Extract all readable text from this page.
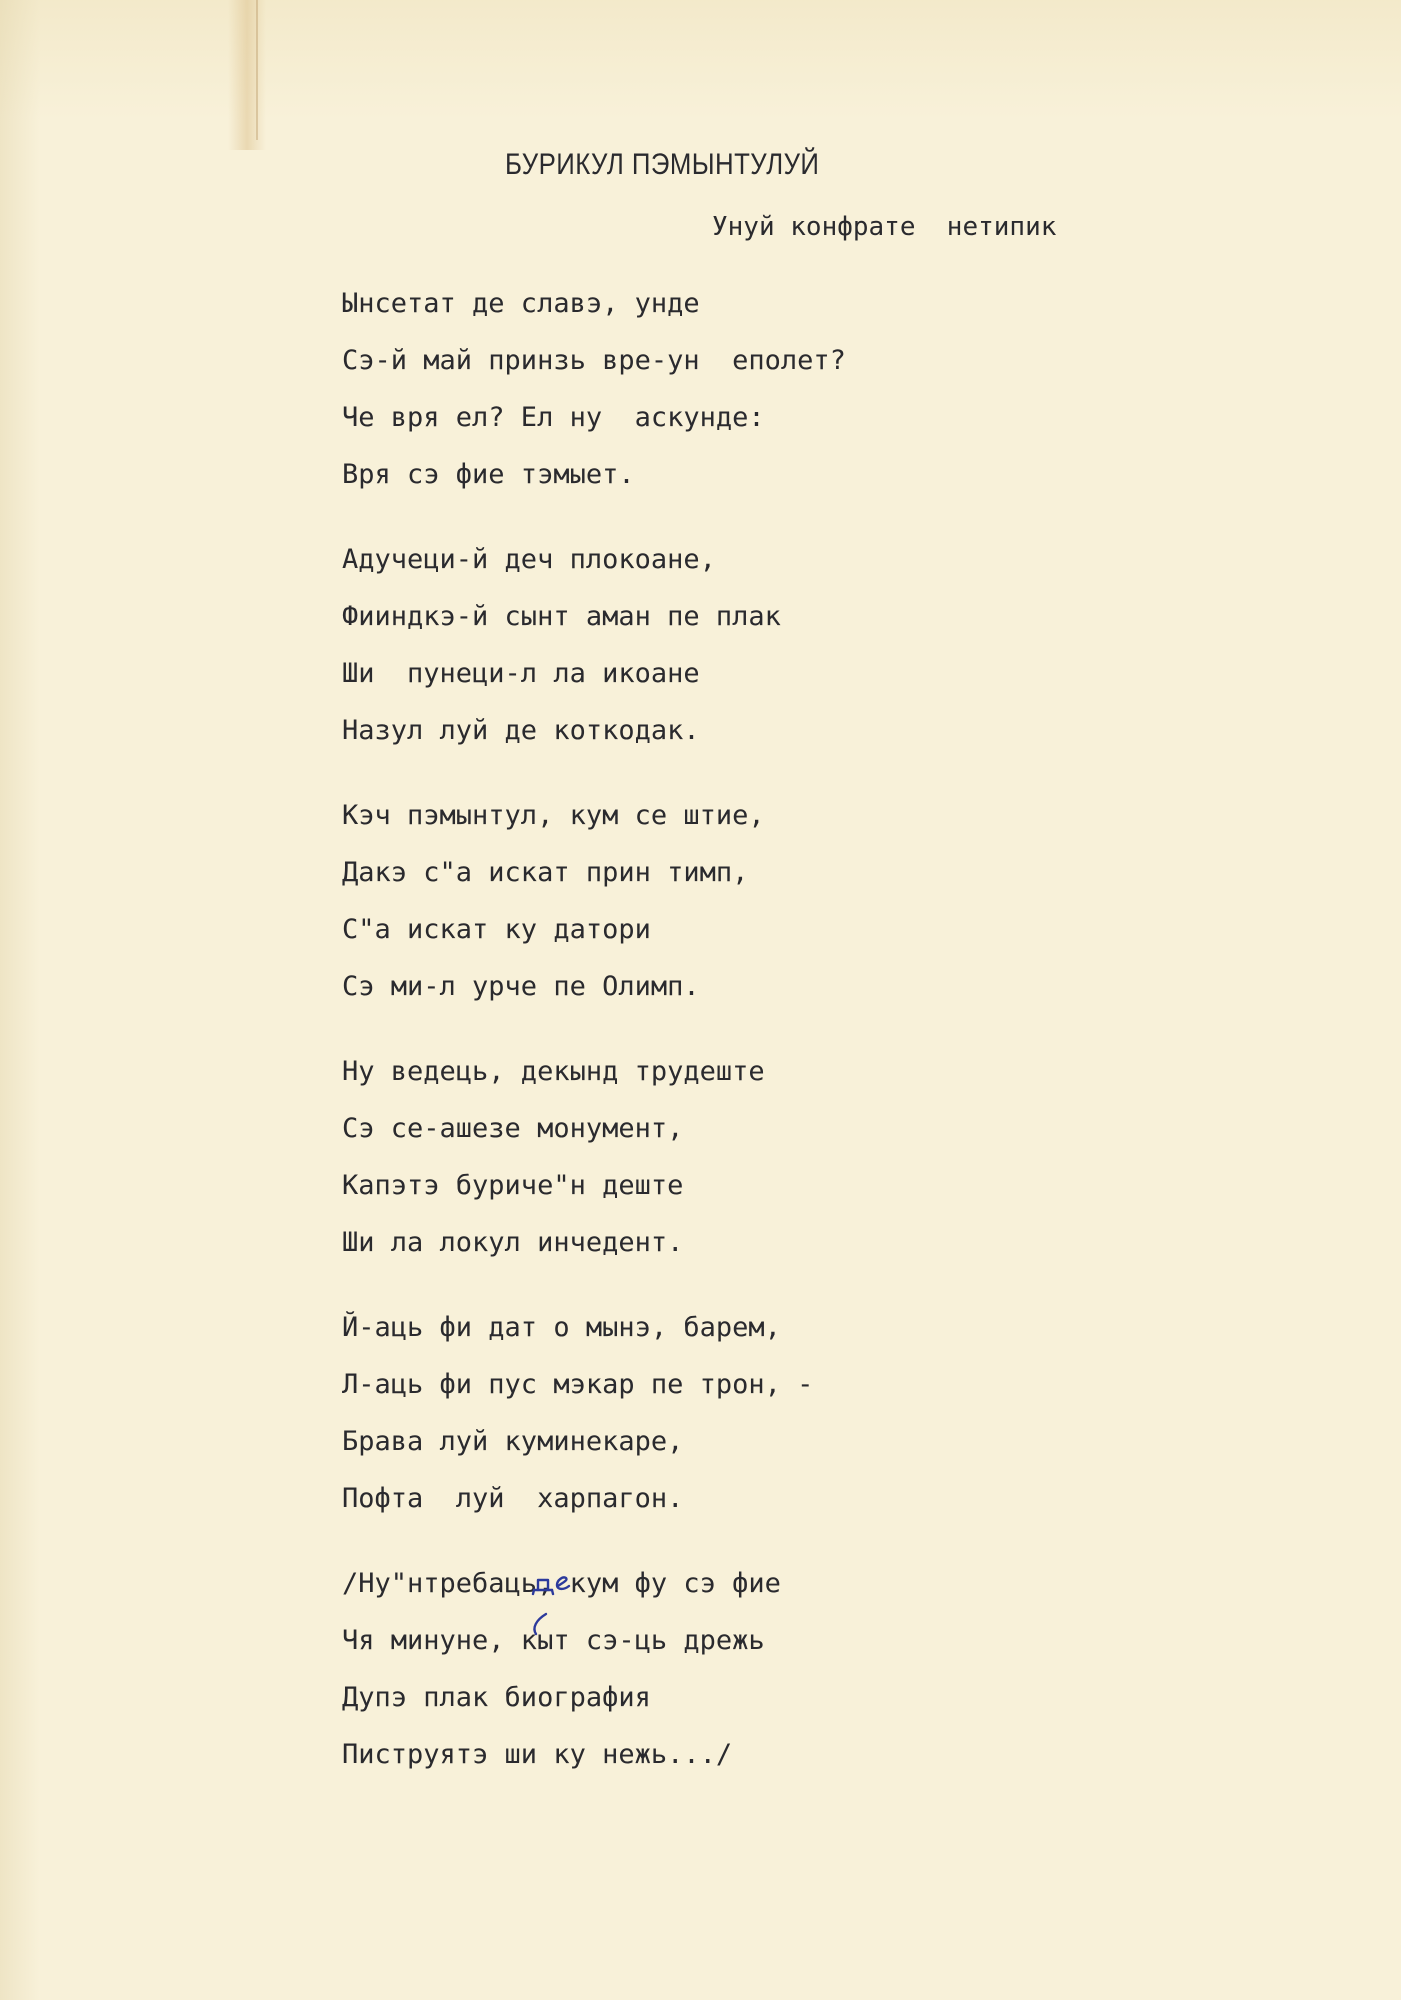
БУРИКУЛ ПЭМЫНТУЛУЙ
Унуй конфрате  нетипик
Ынсетат де славэ, унде
Сэ-й май принзь вре-ун  еполет?
Че вря ел? Ел ну  аскунде:
Вря сэ фие тэмыет.
Адучеци-й деч плокоане,
Фииндкэ-й сынт аман пе плак
Ши  пунеци-л ла икоане
Назул луй де коткодак.
Кэч пэмынтул, кум се штие,
Дакэ с"а искат прин тимп,
С"а искат ку датори
Сэ ми-л урче пе Олимп.
Ну ведець, декынд трудеште
Сэ се-ашезе монумент,
Капэтэ буриче"н деште
Ши ла локул инчедент.
Й-аць фи дат о мынэ, барем,
Л-аць фи пус мэкар пе трон, -
Брава луй куминекаре,
Пофта  луй  харпагон.
/Ну"нтребаць, кум фу сэ фие
Чя минуне, кыт сэ-ць дрежь
Дупэ плак биография
Пиструятэ ши ку нежь.../
